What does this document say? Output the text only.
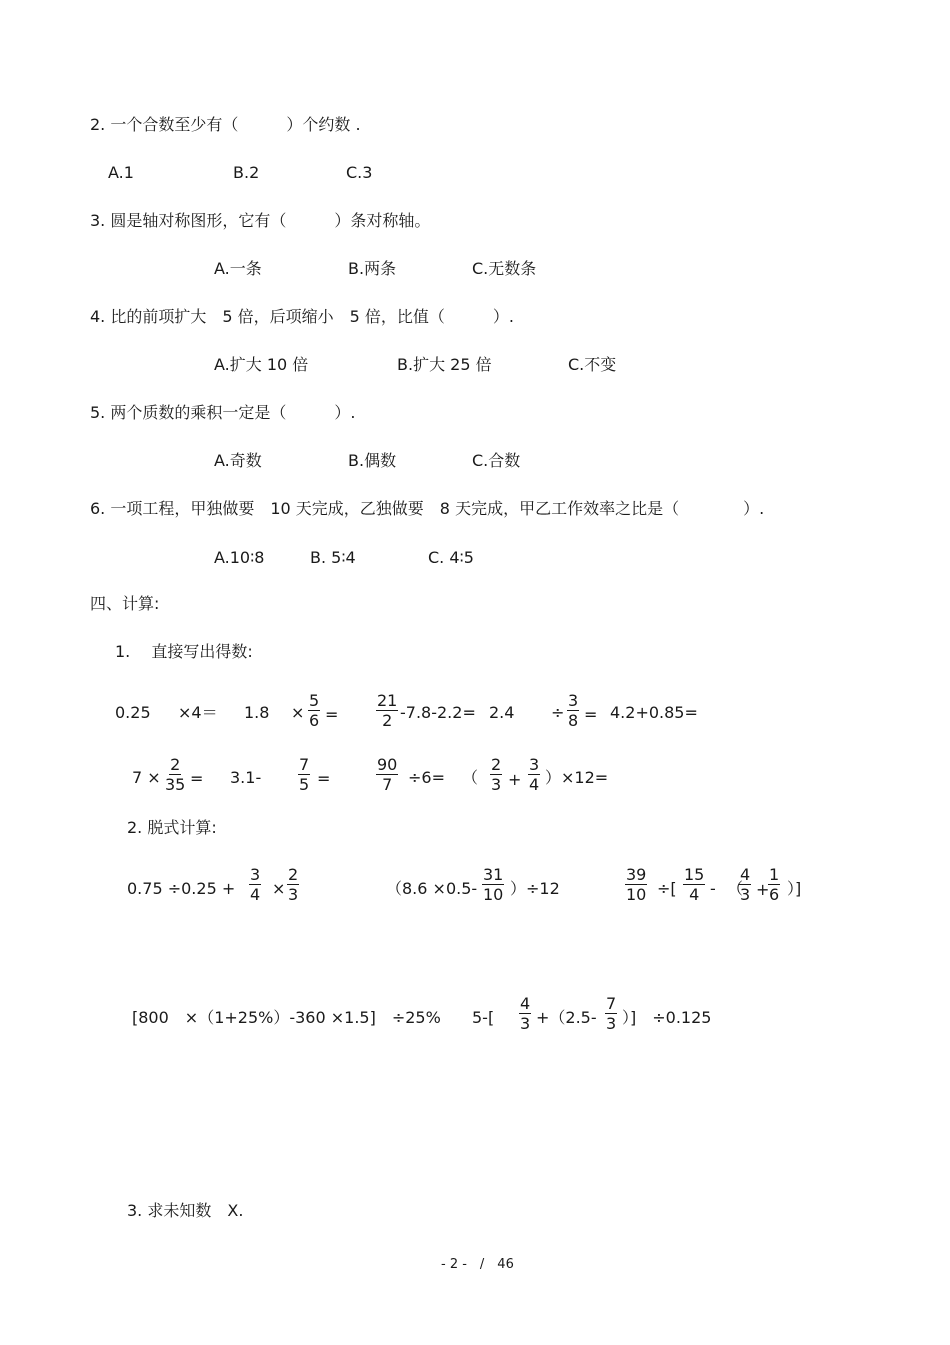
2. 一个合数至少有（　　　）个约数 .
A.1	B.2	C.3
3. 圆是轴对称图形，它有（　　　）条对称轴。
A.一条	B.两条	C.无数条
4. 比的前项扩大　5 倍，后项缩小　5 倍，比值（　　　）.
A.扩大 10 倍	B.扩大 25 倍	C.不变
5. 两个质数的乘积一定是（　　　）.
A.奇数	B.偶数	C.合数
6. 一项工程，甲独做要　10 天完成，乙独做要　8 天完成，甲乙工作效率之比是（　　　　）.
A.10∶8	B. 5∶4	C. 4∶5
四、计算:
1.　 直接写出得数:
$0.25 \times 4= 1.8 \times \frac{5}{6} = \frac{21}{2} -7.8-2.2= 2.4 \div \frac{3}{8} = 4.2+0.85=$
$7 \times \frac{2}{35} = 3.1- \frac{7}{5}$ =	$\frac{90}{7} \div 6=$ （ $\frac{2}{3} + \frac{3}{4} )\times 12=$
2. 脱式计算:
$0.75 \div 0.25 + \frac{3}{4} \times \frac{2}{3}$	$(8.6 \times 0.5- \frac{31}{10} )\div 12$	$\frac{39}{10}$ ÷[ $\frac{15}{4}$ - （
$\frac{4}{3}$ +
$\frac{1}{6}$ ）]
[800　×（1+25%）-360 ×1.5]　÷25% $5-[ \frac{4}{3} +(2.5- \frac{7}{3}$ ）]　÷0.125
3. 求未知数　X.
- 2 -　/　46
